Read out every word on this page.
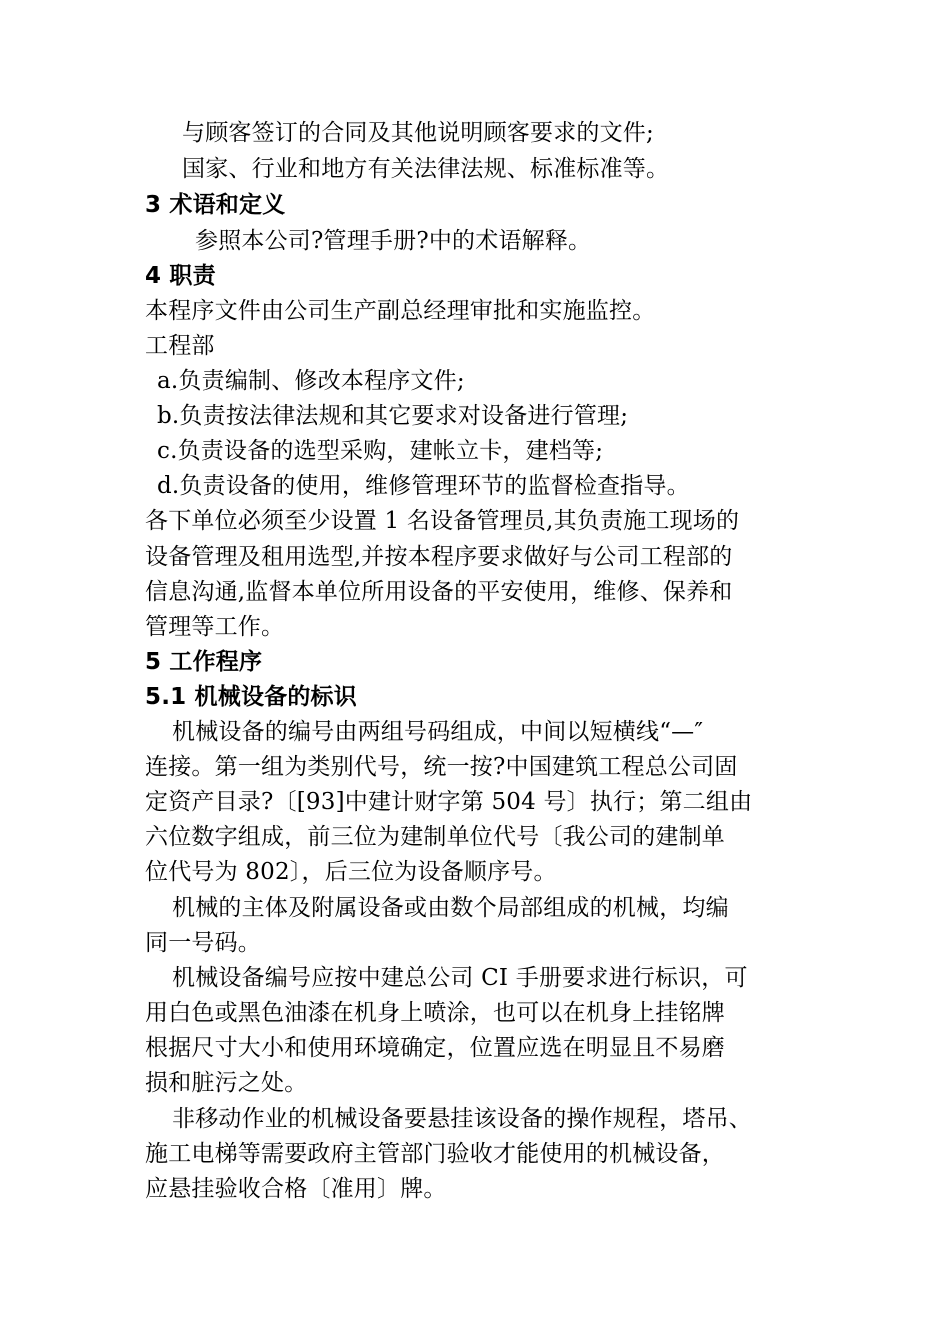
与顾客签订的合同及其他说明顾客要求的文件;
国家、行业和地方有关法律法规、标准标准等。
3 术语和定义
参照本公司?管理手册?中的术语解释。
4 职责
本程序文件由公司生产副总经理审批和实施监控。
工程部
a.负责编制、修改本程序文件;
b.负责按法律法规和其它要求对设备进行管理;
c.负责设备的选型采购，建帐立卡，建档等;
d.负责设备的使用，维修管理环节的监督检查指导。
各下单位必须至少设置 1 名设备管理员,其负责施工现场的
设备管理及租用选型,并按本程序要求做好与公司工程部的
信息沟通,监督本单位所用设备的平安使用，维修、保养和
管理等工作。
5 工作程序
5.1 机械设备的标识
机械设备的编号由两组号码组成，中间以短横线“—″
连接。第一组为类别代号，统一按?中国建筑工程总公司固
定资产目录?〔[93]中建计财字第 504 号〕执行；第二组由
六位数字组成，前三位为建制单位代号〔我公司的建制单
位代号为 802〕，后三位为设备顺序号。
机械的主体及附属设备或由数个局部组成的机械，均编
同一号码。
机械设备编号应按中建总公司 CI 手册要求进行标识，可
用白色或黑色油漆在机身上喷涂，也可以在机身上挂铭牌
根据尺寸大小和使用环境确定，位置应选在明显且不易磨
损和脏污之处。
非移动作业的机械设备要悬挂该设备的操作规程，塔吊、
施工电梯等需要政府主管部门验收才能使用的机械设备，
应悬挂验收合格〔准用〕牌。
